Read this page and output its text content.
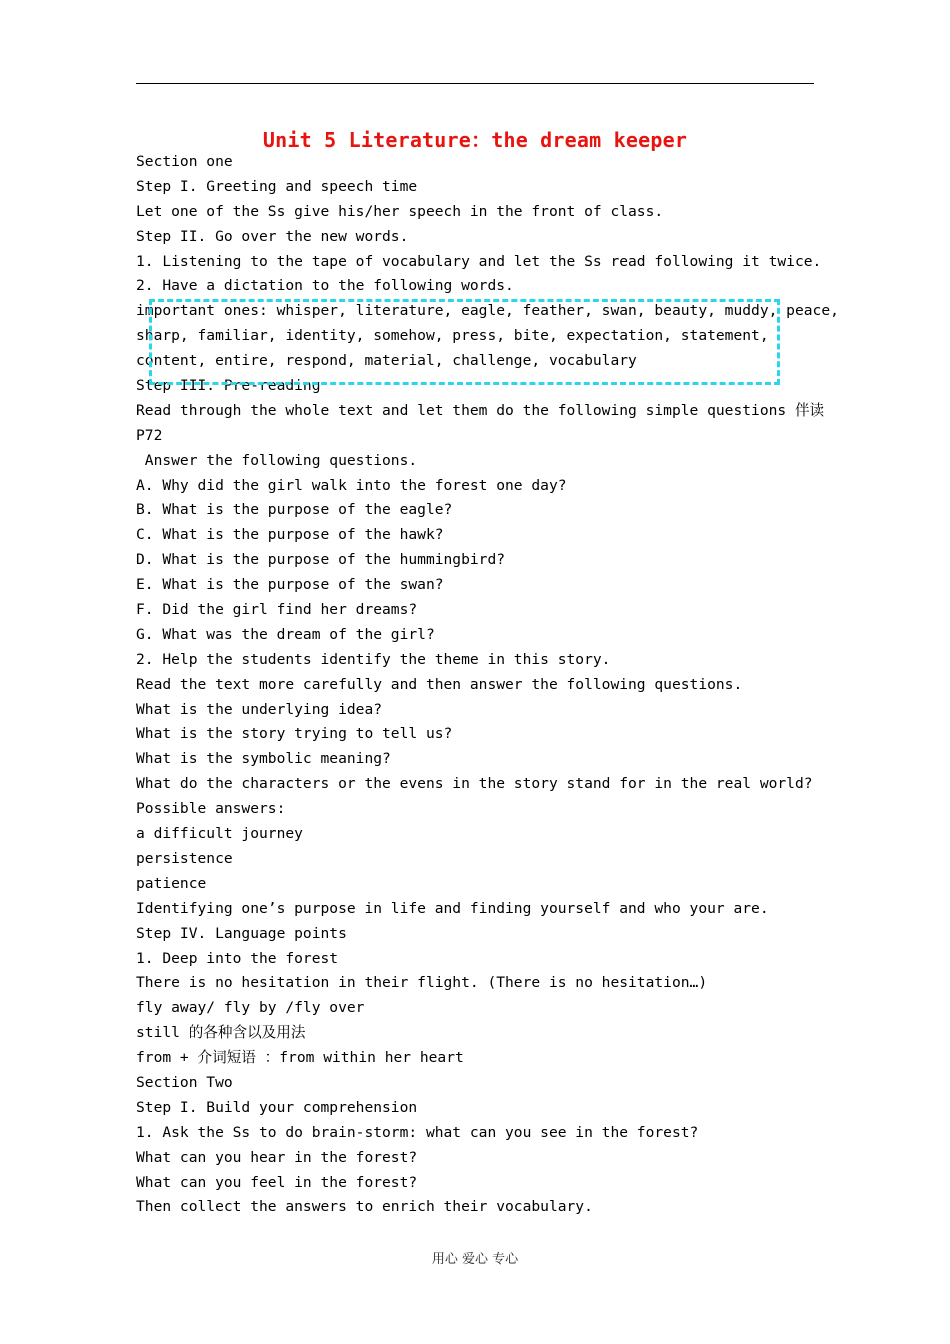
Unit 5 Literature：the dream keeper
Section one
Step I. Greeting and speech time
Let one of the Ss give his/her speech in the front of class.
Step II. Go over the new words.
1. Listening to the tape of vocabulary and let the Ss read following it twice.
2. Have a dictation to the following words.
important ones: whisper, literature, eagle, feather, swan, beauty, muddy, peace,
sharp, familiar, identity, somehow, press, bite, expectation, statement,
content, entire, respond, material, challenge, vocabulary
Step III. Pre-reading
Read through the whole text and let them do the following simple questions 伴读
P72
Answer the following questions.
A. Why did the girl walk into the forest one day?
B. What is the purpose of the eagle?
C. What is the purpose of the hawk?
D. What is the purpose of the hummingbird?
E. What is the purpose of the swan?
F. Did the girl find her dreams?
G. What was the dream of the girl?
2. Help the students identify the theme in this story.
Read the text more carefully and then answer the following questions.
What is the underlying idea?
What is the story trying to tell us?
What is the symbolic meaning?
What do the characters or the evens in the story stand for in the real world?
Possible answers:
a difficult journey
persistence
patience
Identifying one’s purpose in life and finding yourself and who your are.
Step IV. Language points
1. Deep into the forest
There is no hesitation in their flight. (There is no hesitation…)
fly away/ fly by /fly over
still 的各种含以及用法
from + 介词短语 ：from within her heart
Section Two
Step I. Build your comprehension
1. Ask the Ss to do brain-storm: what can you see in the forest?
What can you hear in the forest?
What can you feel in the forest?
Then collect the answers to enrich their vocabulary.
用心 爱心 专心
